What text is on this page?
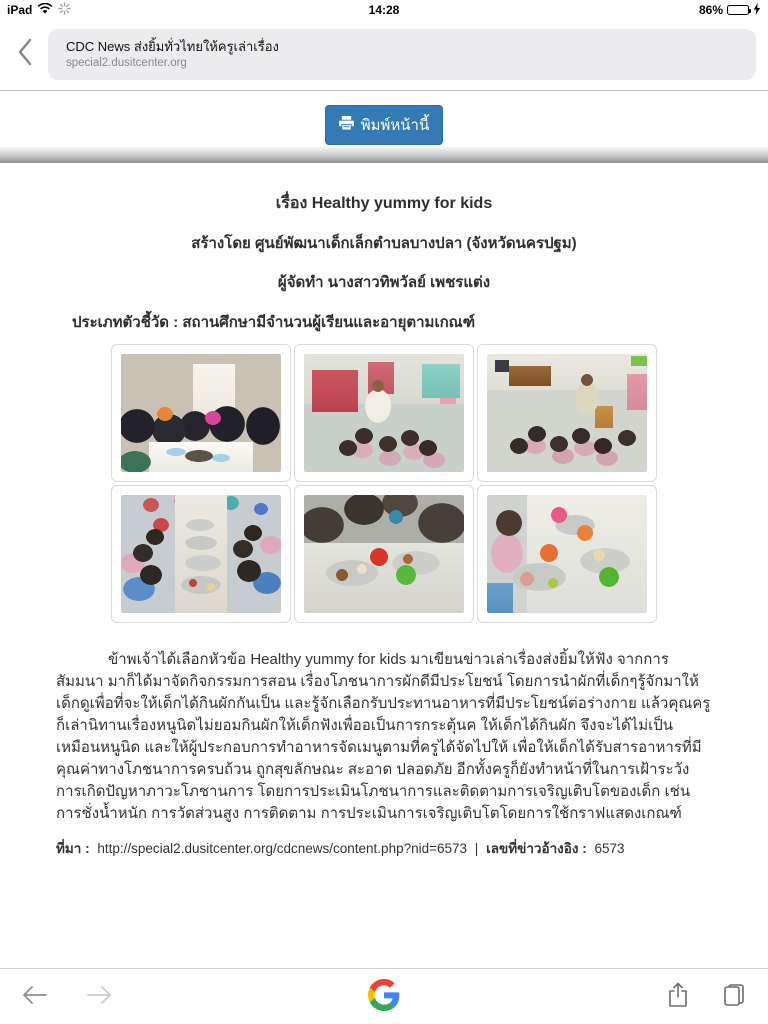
14:28
iPad	86%
CDC News ส่งยิ้มทั่วไทยให้ครูเล่าเรื่อง
special2.dusitcenter.org
พิมพ์หน้านี้
เรื่อง Healthy yummy for kids
สร้างโดย ศูนย์พัฒนาเด็กเล็กตำบลบางปลา (จังหวัดนครปฐม)
ผู้จัดทำ นางสาวทิพวัลย์ เพชรแต่ง
ประเภทตัวชี้วัด : สถานศึกษามีจำนวนผู้เรียนและอายุตามเกณฑ์
ข้าพเจ้าได้เลือกหัวข้อ Healthy yummy for kids มาเขียนข่าวเล่าเรื่องส่งยิ้มให้ฟัง จากการสัมมนา มาก็ได้มาจัดกิจกรรมการสอน เรื่องโภชนาการผักดีมีประโยชน์ โดยการนำผักที่เด็กๆรู้จักมาให้เด็กดูเพื่อที่จะให้เด็กได้กินผักกันเป็น และรู้จักเลือกรับประทานอาหารที่มีประโยชน์ต่อร่างกาย แล้วคุณครูก็เล่านิทานเรื่องหนูนิดไม่ยอมกินผักให้เด็กฟังเพื่ออเป็นการกระตุ้นค ให้เด็กได้กินผัก จึงจะได้ไม่เป็นเหมือนหนูนิด และให้ผู้ประกอบการทำอาหารจัดเมนูตามที่ครูได้จัดไปให้ เพื่อให้เด็กได้รับสารอาหารที่มีคุณค่าทางโภชนาการครบถ้วน ถูกสุขลักษณะ สะอาด ปลอดภัย อีกทั้งครูก็ยังทำหน้าที่ในการเฝ้าระวังการเกิดปัญหาภาวะโภชานการ โดยการประเมินโภชนาการและติดตามการเจริญเติบโตของเด็ก เช่นการชั่งน้ำหนัก การวัดส่วนสูง การติดตาม การประเมินการเจริญเติบโตโดยการใช้กราฟแสดงเกณฑ์
ที่มา : http://special2.dusitcenter.org/cdcnews/content.php?nid=6573 | เลขที่ข่าวอ้างอิง : 6573
